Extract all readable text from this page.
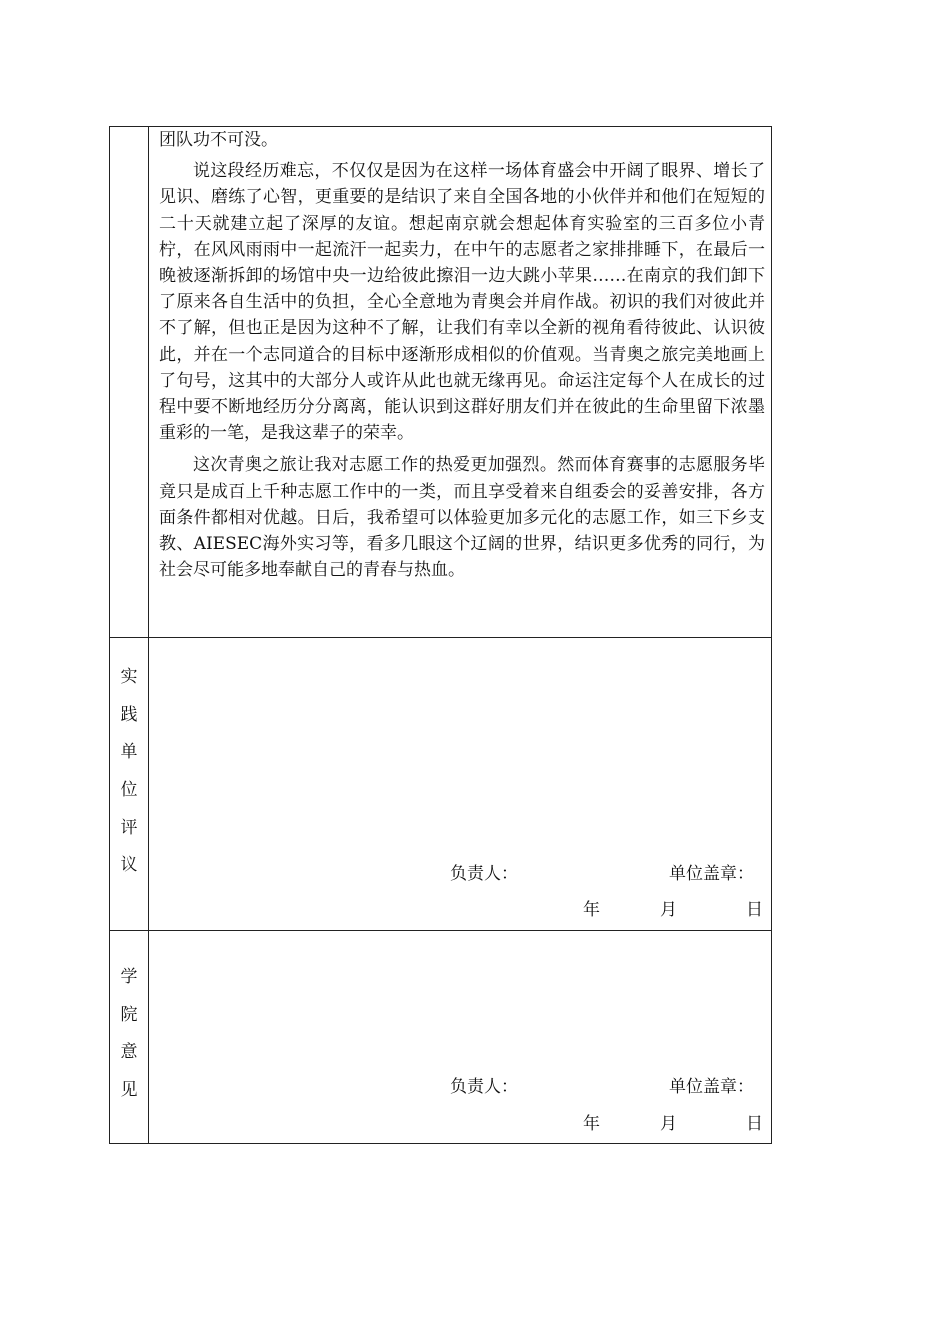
团队功不可没。

说这段经历难忘，不仅仅是因为在这样一场体育盛会中开阔了眼界、增长了见识、磨练了心智，更重要的是结识了来自全国各地的小伙伴并和他们在短短的二十天就建立起了深厚的友谊。想起南京就会想起体育实验室的三百多位小青柠，在风风雨雨中一起流汗一起卖力，在中午的志愿者之家排排睡下，在最后一晚被逐渐拆卸的场馆中央一边给彼此擦泪一边大跳小苹果……在南京的我们卸下了原来各自生活中的负担，全心全意地为青奥会并肩作战。初识的我们对彼此并不了解，但也正是因为这种不了解，让我们有幸以全新的视角看待彼此、认识彼此，并在一个志同道合的目标中逐渐形成相似的价值观。当青奥之旅完美地画上了句号，这其中的大部分人或许从此也就无缘再见。命运注定每个人在成长的过程中要不断地经历分分离离，能认识到这群好朋友们并在彼此的生命里留下浓墨重彩的一笔，是我这辈子的荣幸。

这次青奥之旅让我对志愿工作的热爱更加强烈。然而体育赛事的志愿服务毕竟只是成百上千种志愿工作中的一类，而且享受着来自组委会的妥善安排，各方面条件都相对优越。日后，我希望可以体验更加多元化的志愿工作，如三下乡支教、AIESEC海外实习等，看多几眼这个辽阔的世界，结识更多优秀的同行，为社会尽可能多地奉献自己的青春与热血。

实
践
单
位
评
议	负责人：	单位盖章：
年	月	日
学
院
意
见	负责人：	单位盖章：
年	月	日
